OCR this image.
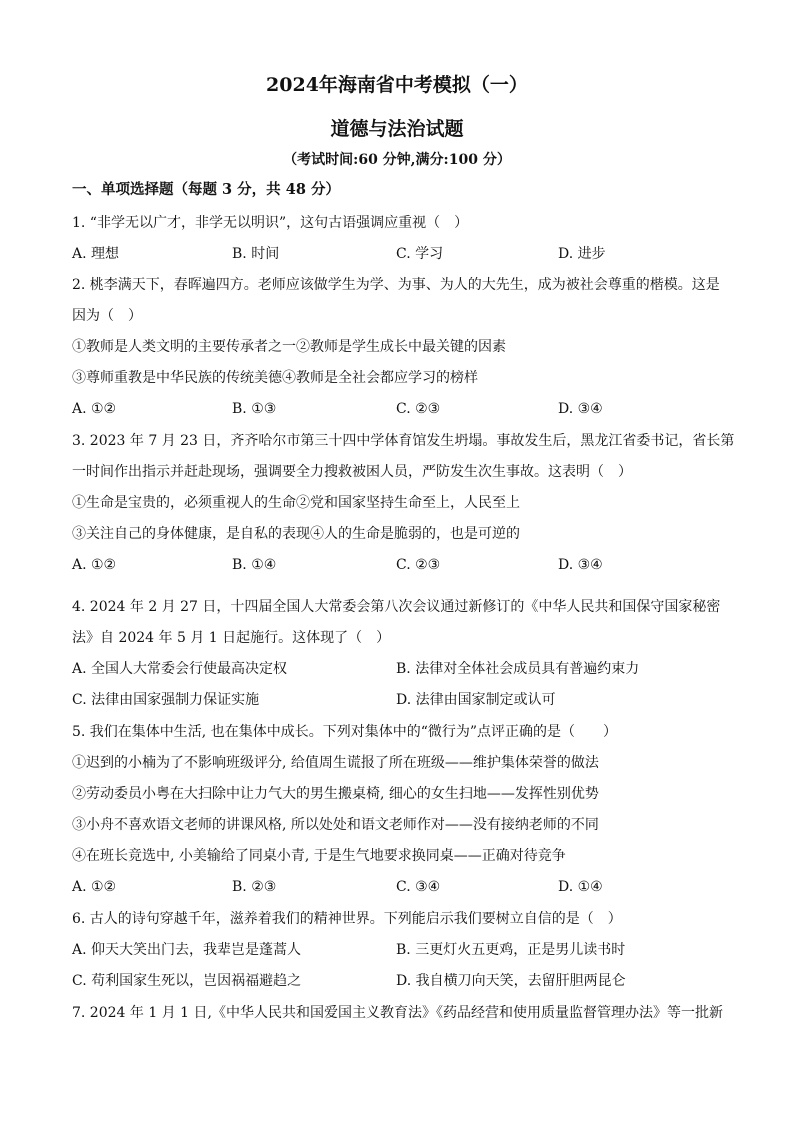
2024年海南省中考模拟（一）
道德与法治试题
（考试时间:60 分钟,满分:100 分）
一、单项选择题（每题 3 分，共 48 分）
1. “非学无以广才，非学无以明识”，这句古语强调应重视（　）
A. 理想	B. 时间	C. 学习	D. 进步
2. 桃李满天下，春晖遍四方。老师应该做学生为学、为事、为人的大先生，成为被社会尊重的楷模。这是
因为（　）
①教师是人类文明的主要传承者之一②教师是学生成长中最关键的因素
③尊师重教是中华民族的传统美德④教师是全社会都应学习的榜样
A. ①②	B. ①③	C. ②③	D. ③④
3. 2023 年 7 月 23 日，齐齐哈尔市第三十四中学体育馆发生坍塌。事故发生后，黑龙江省委书记，省长第
一时间作出指示并赶赴现场，强调要全力搜救被困人员，严防发生次生事故。这表明（　）
①生命是宝贵的，必须重视人的生命②党和国家坚持生命至上，人民至上
③关注自己的身体健康，是自私的表现④人的生命是脆弱的，也是可逆的
A. ①②	B. ①④	C. ②③	D. ③④
4. 2024 年 2 月 27 日，十四届全国人大常委会第八次会议通过新修订的《中华人民共和国保守国家秘密
法》自 2024 年 5 月 1 日起施行。这体现了（　）
A. 全国人大常委会行使最高决定权	B. 法律对全体社会成员具有普遍约束力
C. 法律由国家强制力保证实施	D. 法律由国家制定或认可
5. 我们在集体中生活, 也在集体中成长。下列对集体中的“微行为”点评正确的是（　　）
①迟到的小楠为了不影响班级评分, 给值周生谎报了所在班级——维护集体荣誉的做法
②劳动委员小粤在大扫除中让力气大的男生搬桌椅, 细心的女生扫地——发挥性别优势
③小舟不喜欢语文老师的讲课风格, 所以处处和语文老师作对——没有接纳老师的不同
④在班长竞选中, 小美输给了同桌小青, 于是生气地要求换同桌——正确对待竞争
A. ①②	B. ②③	C. ③④	D. ①④
6. 古人的诗句穿越千年，滋养着我们的精神世界。下列能启示我们要树立自信的是（　）
A. 仰天大笑出门去，我辈岂是蓬蒿人	B. 三更灯火五更鸡，正是男儿读书时
C. 苟利国家生死以，岂因祸福避趋之	D. 我自横刀向天笑，去留肝胆两昆仑
7. 2024 年 1 月 1 日,《中华人民共和国爱国主义教育法》《药品经营和使用质量监督管理办法》等一批新
